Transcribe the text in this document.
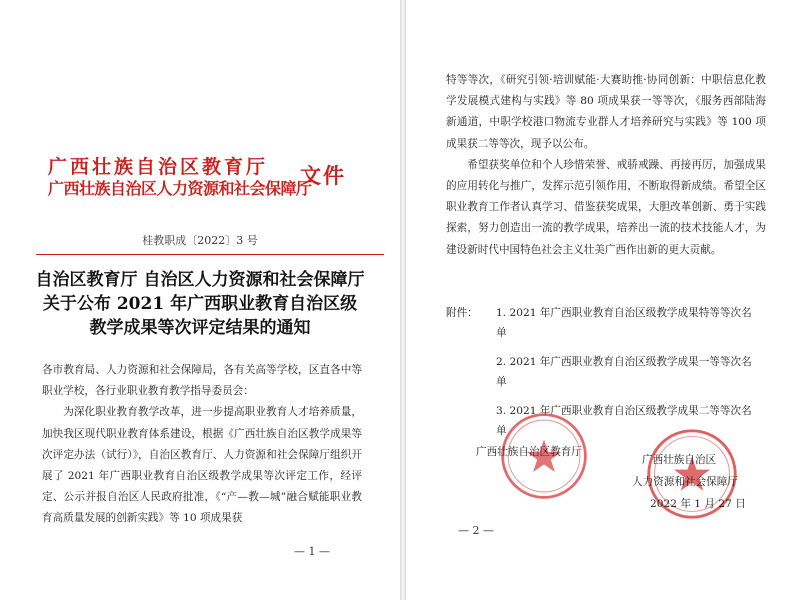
广西壮族自治区教育厅
广西壮族自治区人力资源和社会保障厅
文件
桂教职成〔2022〕3 号
自治区教育厅 自治区人力资源和社会保障厅
关于公布 2021 年广西职业教育自治区级
教学成果等次评定结果的通知

各市教育局、人力资源和社会保障局，各有关高等学校，区直各中等职业学校，各行业职业教育教学指导委员会：

为深化职业教育教学改革，进一步提高职业教育人才培养质量，加快我区现代职业教育体系建设，根据《广西壮族自治区教学成果等次评定办法（试行）》，自治区教育厅、人力资源和社会保障厅组织开展了 2021 年广西职业教育自治区级教学成果等次评定工作，经评定、公示并报自治区人民政府批准，《“产—教—城”融合赋能职业教育高质量发展的创新实践》等 10 项成果获

— 1 —

特等等次，《研究引领·培训赋能·大赛助推·协同创新：中职信息化教学发展模式建构与实践》等 80 项成果获一等等次，《服务西部陆海新通道，中职学校港口物流专业群人才培养研究与实践》等 100 项成果获二等等次，现予以公布。

希望获奖单位和个人珍惜荣誉、戒骄戒躁、再接再厉，加强成果的应用转化与推广，发挥示范引领作用，不断取得新成绩。希望全区职业教育工作者认真学习、借鉴获奖成果，大胆改革创新、勇于实践探索，努力创造出一流的教学成果，培养出一流的技术技能人才，为建设新时代中国特色社会主义壮美广西作出新的更大贡献。

附件：	1. 2021 年广西职业教育自治区级教学成果特等等次名单
2. 2021 年广西职业教育自治区级教学成果一等等次名单
3. 2021 年广西职业教育自治区级教学成果二等等次名单
广西壮族自治区教育厅
广西壮族自治区
人力资源和社会保障厅
2022 年 1 月 27 日
— 2 —
